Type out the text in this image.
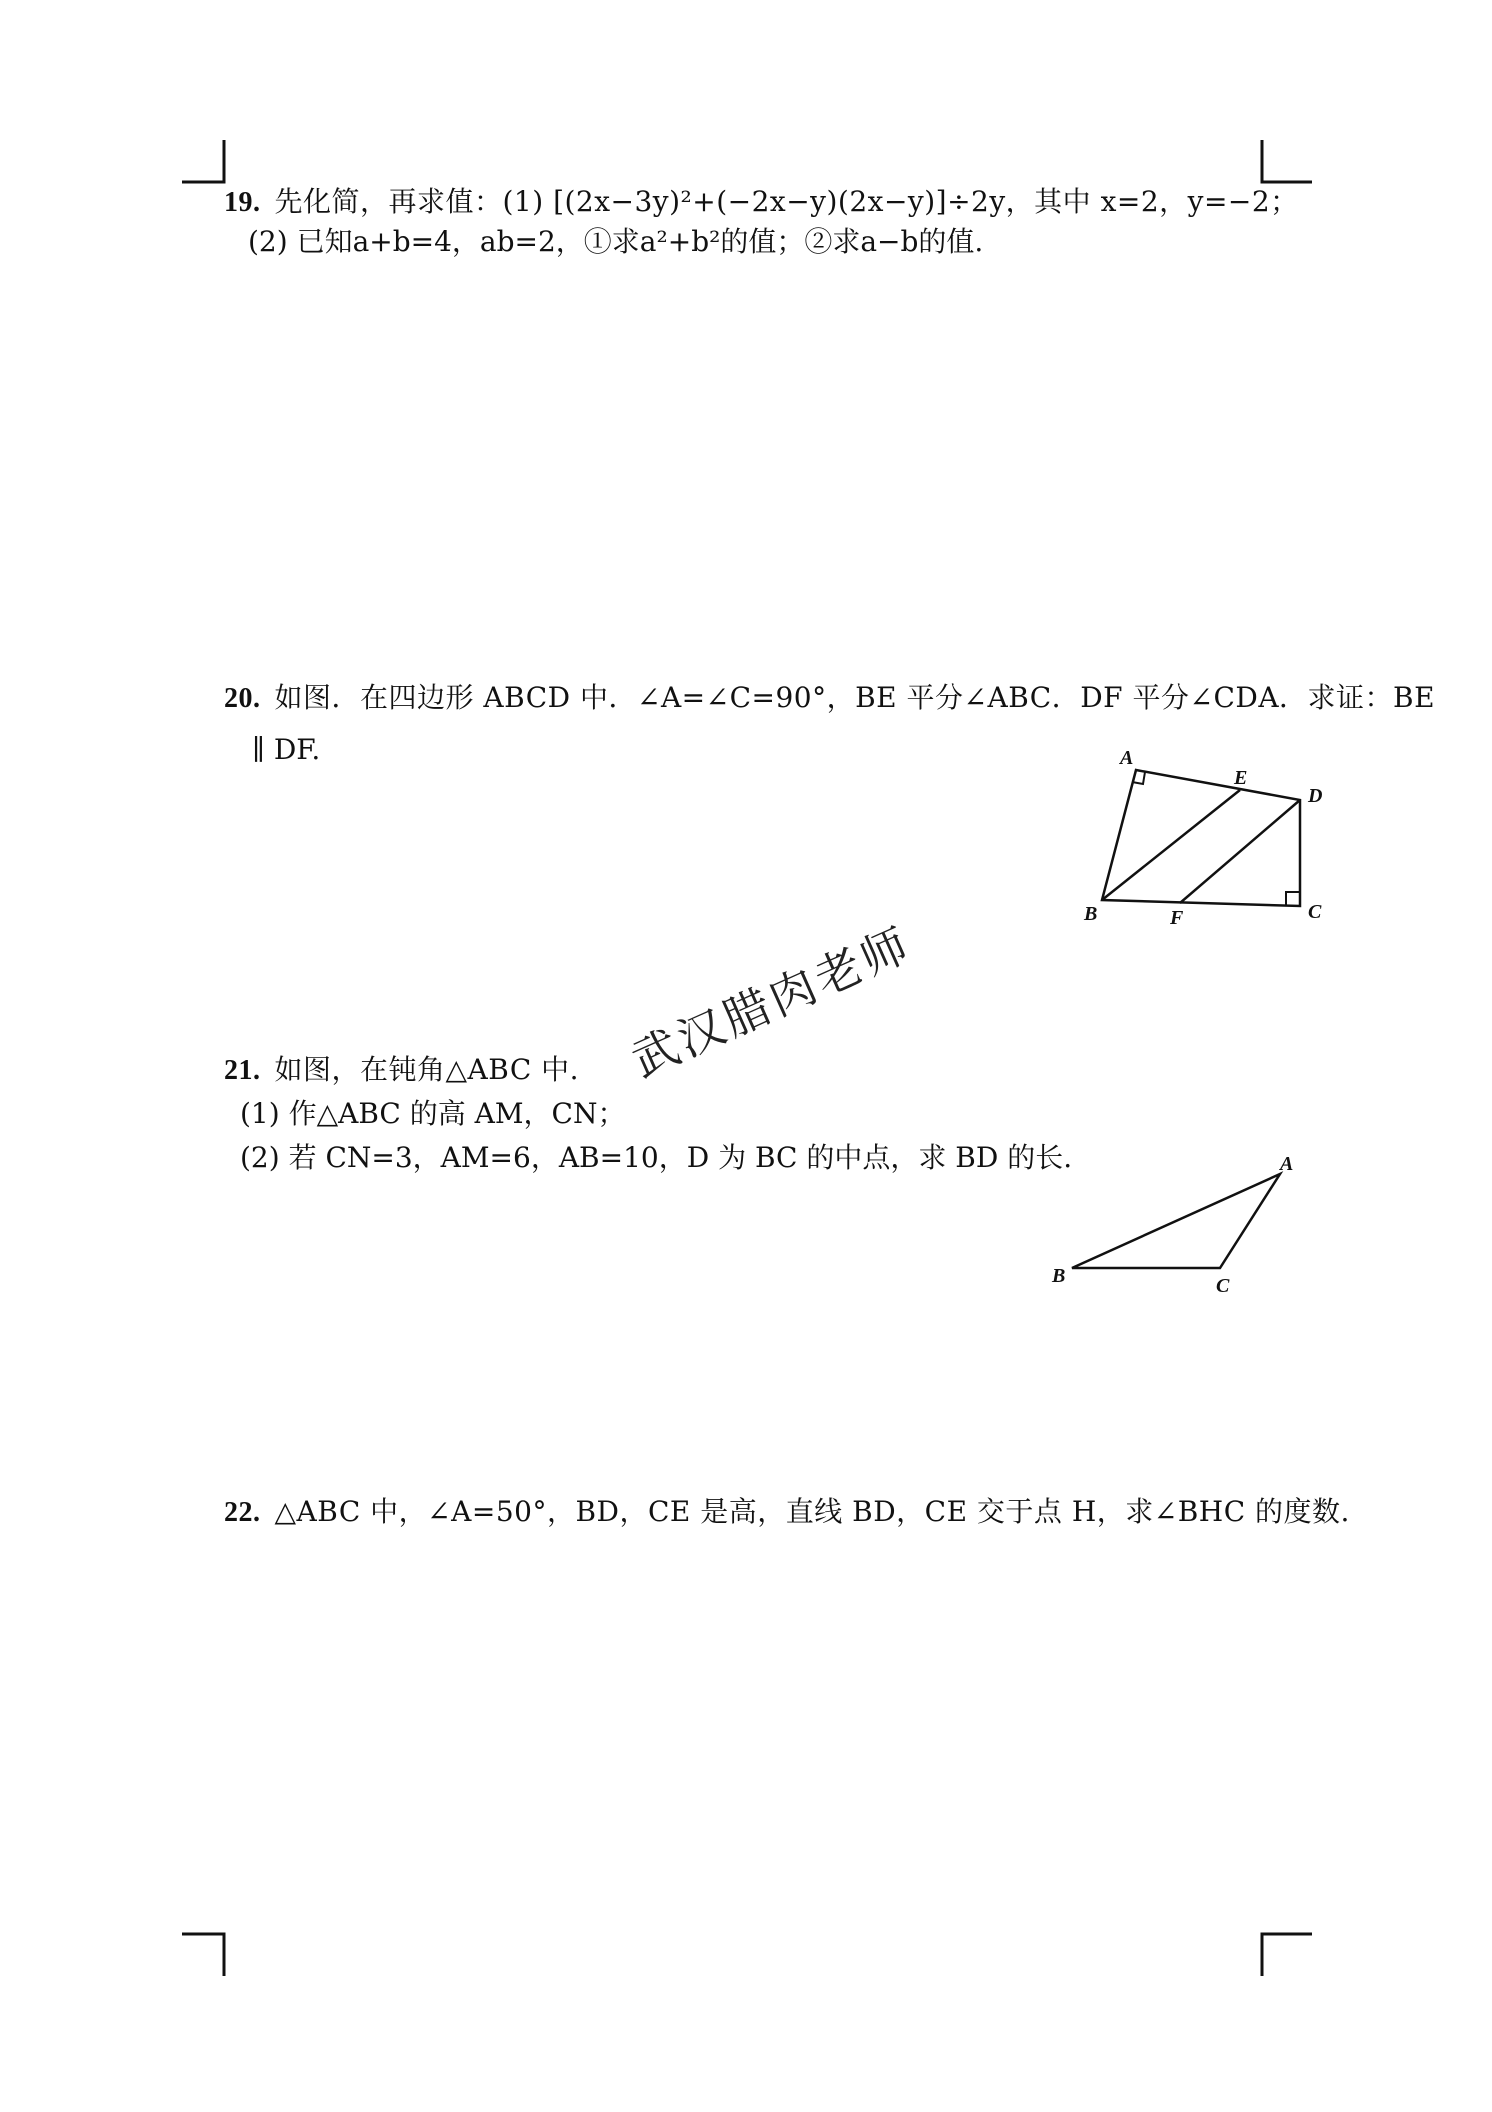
19. 先化简，再求值：(1) [(2x−3y)²+(−2x−y)(2x−y)]÷2y，其中 x=2，y=−2；
(2) 已知a+b=4，ab=2，①求a²+b²的值；②求a−b的值.
20. 如图．在四边形 ABCD 中．∠A=∠C=90°，BE 平分∠ABC．DF 平分∠CDA．求证：BE
∥ DF.	A
E
D
B	F	C
21. 如图，在钝角△ABC 中.
(1) 作△ABC 的高 AM，CN；
(2) 若 CN=3，AM=6，AB=10，D 为 BC 的中点，求 BD 的长.
武汉腊肉老师
A
B	C
22. △ABC 中，∠A=50°，BD，CE 是高，直线 BD，CE 交于点 H，求∠BHC 的度数.
